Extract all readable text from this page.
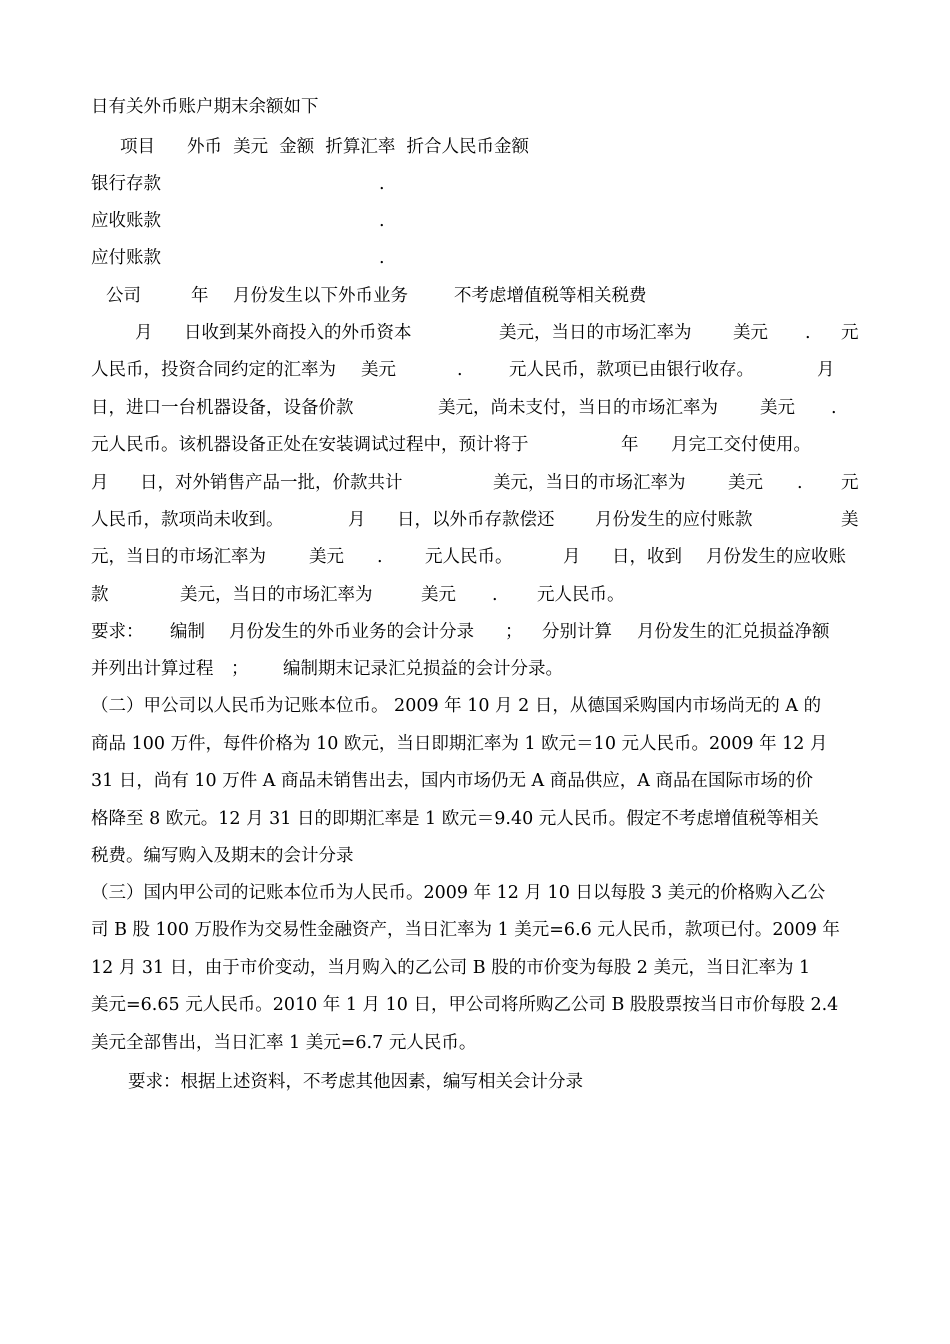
日有关外币账户期末余额如下
项目 外币  美元  金额  折算汇率  折合人民币金额
银行存款	.
应收账款	.
应付账款	.
公司	年 月份发生以下外币业务	不考虑增值税等相关税费
月 日收到某外商投入的外币资本	美元，当日的市场汇率为 美元 . 元
人民币，投资合同约定的汇率为 美元	.	元人民币，款项已由银行收存。	月
日，进口一台机器设备，设备价款	美元，尚未支付，当日的市场汇率为 美元 .
元人民币。该机器设备正处在安装调试过程中，预计将于	年 月完工交付使用。
月 日，对外销售产品一批，价款共计	美元，当日的市场汇率为 美元 . 元
人民币，款项尚未收到。	月 日，以外币存款偿还 月份发生的应付账款	美
元，当日的市场汇率为 美元 . 元人民币。	月 日，收到 月份发生的应收账
款	美元，当日的市场汇率为	美元 . 元人民币。
要求： 编制 月份发生的外币业务的会计分录 ； 分别计算 月份发生的汇兑损益净额
并列出计算过程 ； 编制期末记录汇兑损益的会计分录。
（二）甲公司以人民币为记账本位币。 2009 年 10 月 2 日，从德国采购国内市场尚无的 A 的
商品 100 万件，每件价格为 10 欧元，当日即期汇率为 1 欧元＝10 元人民币。2009 年 12 月
31 日，尚有 10 万件 A 商品未销售出去，国内市场仍无 A 商品供应，A 商品在国际市场的价
格降至 8 欧元。12 月 31 日的即期汇率是 1 欧元＝9.40 元人民币。假定不考虑增值税等相关
税费。编写购入及期末的会计分录
（三）国内甲公司的记账本位币为人民币。2009 年 12 月 10 日以每股 3 美元的价格购入乙公
司 B 股 100 万股作为交易性金融资产，当日汇率为 1 美元=6.6 元人民币，款项已付。2009 年
12 月 31 日，由于市价变动，当月购入的乙公司 B 股的市价变为每股 2 美元，当日汇率为 1
美元=6.65 元人民币。2010 年 1 月 10 日，甲公司将所购乙公司 B 股股票按当日市价每股 2.4
美元全部售出，当日汇率 1 美元=6.7 元人民币。
要求：根据上述资料，不考虑其他因素，编写相关会计分录
